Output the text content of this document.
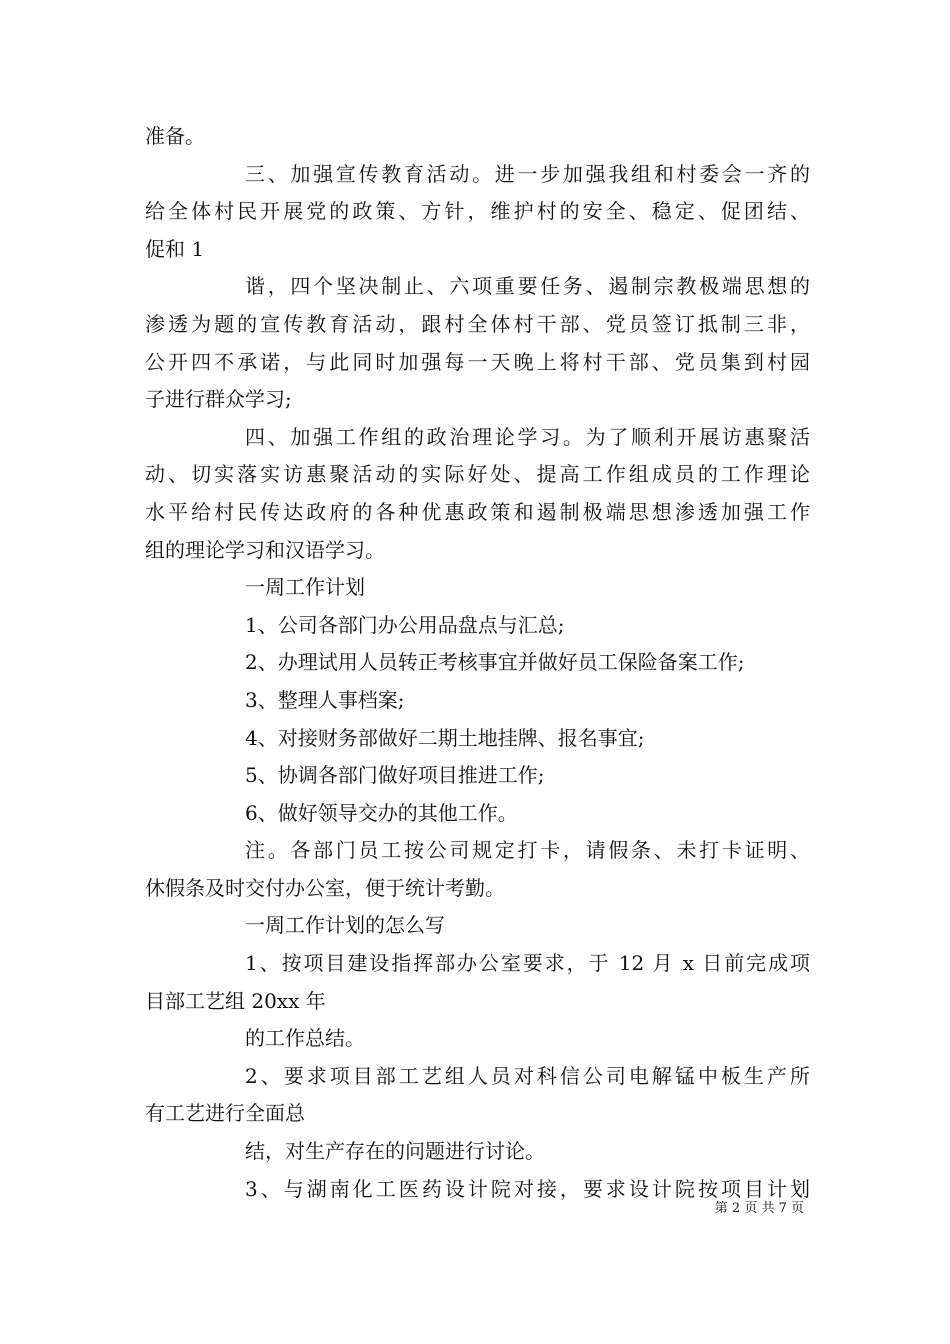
准备。
三、加强宣传教育活动。进一步加强我组和村委会一齐的
给全体村民开展党的政策、方针，维护村的安全、稳定、促团结、
促和 1
谐，四个坚决制止、六项重要任务、遏制宗教极端思想的
渗透为题的宣传教育活动，跟村全体村干部、党员签订抵制三非，
公开四不承诺，与此同时加强每一天晚上将村干部、党员集到村园
子进行群众学习;
四、加强工作组的政治理论学习。为了顺利开展访惠聚活
动、切实落实访惠聚活动的实际好处、提高工作组成员的工作理论
水平给村民传达政府的各种优惠政策和遏制极端思想渗透加强工作
组的理论学习和汉语学习。
一周工作计划
1、公司各部门办公用品盘点与汇总;
2、办理试用人员转正考核事宜并做好员工保险备案工作;
3、整理人事档案;
4、对接财务部做好二期土地挂牌、报名事宜;
5、协调各部门做好项目推进工作;
6、做好领导交办的其他工作。
注。各部门员工按公司规定打卡，请假条、未打卡证明、
休假条及时交付办公室，便于统计考勤。
一周工作计划的怎么写
1、按项目建设指挥部办公室要求，于 12 月 x 日前完成项
目部工艺组 20xx 年
的工作总结。
2、要求项目部工艺组人员对科信公司电解锰中板生产所
有工艺进行全面总
结，对生产存在的问题进行讨论。
3、与湖南化工医药设计院对接，要求设计院按项目计划
第 2 页 共 7 页
